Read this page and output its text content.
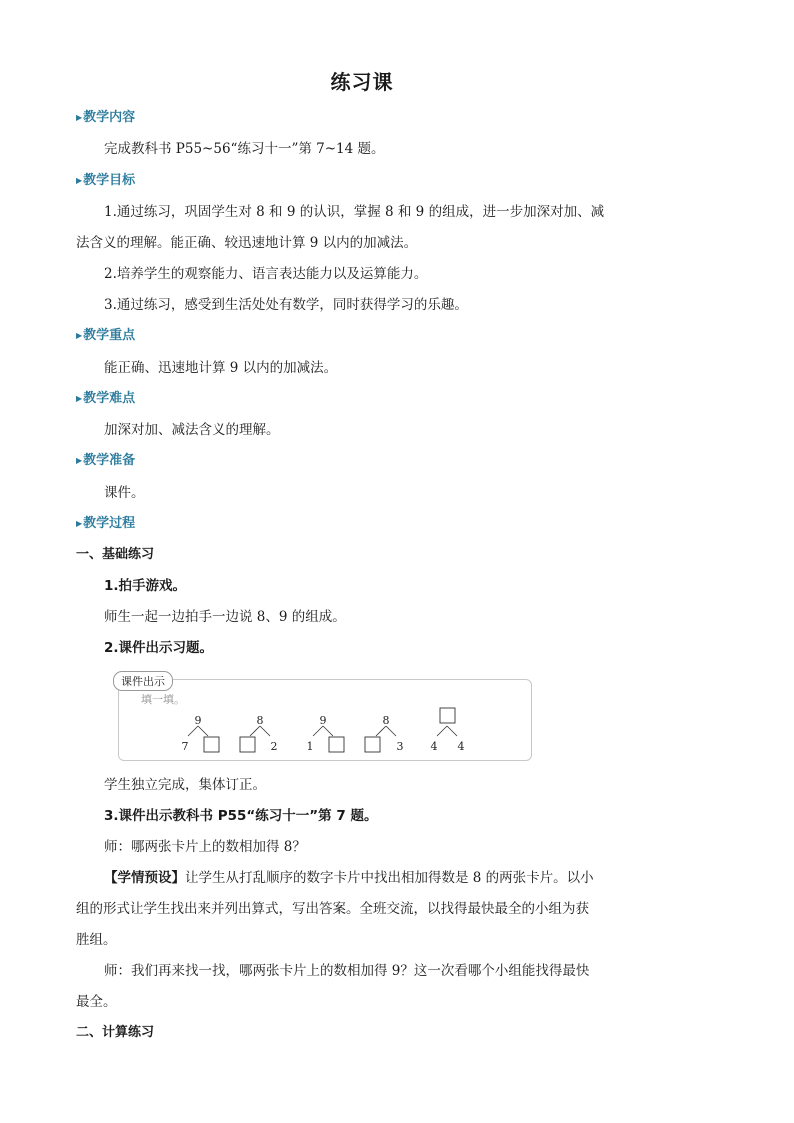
练习课
▶教学内容
完成教科书 P55~56“练习十一”第 7~14 题。
▶教学目标
1.通过练习，巩固学生对 8 和 9 的认识，掌握 8 和 9 的组成，进一步加深对加、减
法含义的理解。能正确、较迅速地计算 9 以内的加减法。
2.培养学生的观察能力、语言表达能力以及运算能力。
3.通过练习，感受到生活处处有数学，同时获得学习的乐趣。
▶教学重点
能正确、迅速地计算 9 以内的加减法。
▶教学难点
加深对加、减法含义的理解。
▶教学准备
课件。
▶教学过程
一、基础练习
1.拍手游戏。
师生一起一边拍手一边说 8、9 的组成。
2.课件出示习题。
课件出示
填一填。
9
7
8
2
9
1
8
3 4 4
学生独立完成，集体订正。
3.课件出示教科书 P55“练习十一”第 7 题。
师：哪两张卡片上的数相加得 8？
【学情预设】让学生从打乱顺序的数字卡片中找出相加得数是 8 的两张卡片。以小
组的形式让学生找出来并列出算式，写出答案。全班交流，以找得最快最全的小组为获
胜组。
师：我们再来找一找，哪两张卡片上的数相加得 9？这一次看哪个小组能找得最快
最全。
二、计算练习
